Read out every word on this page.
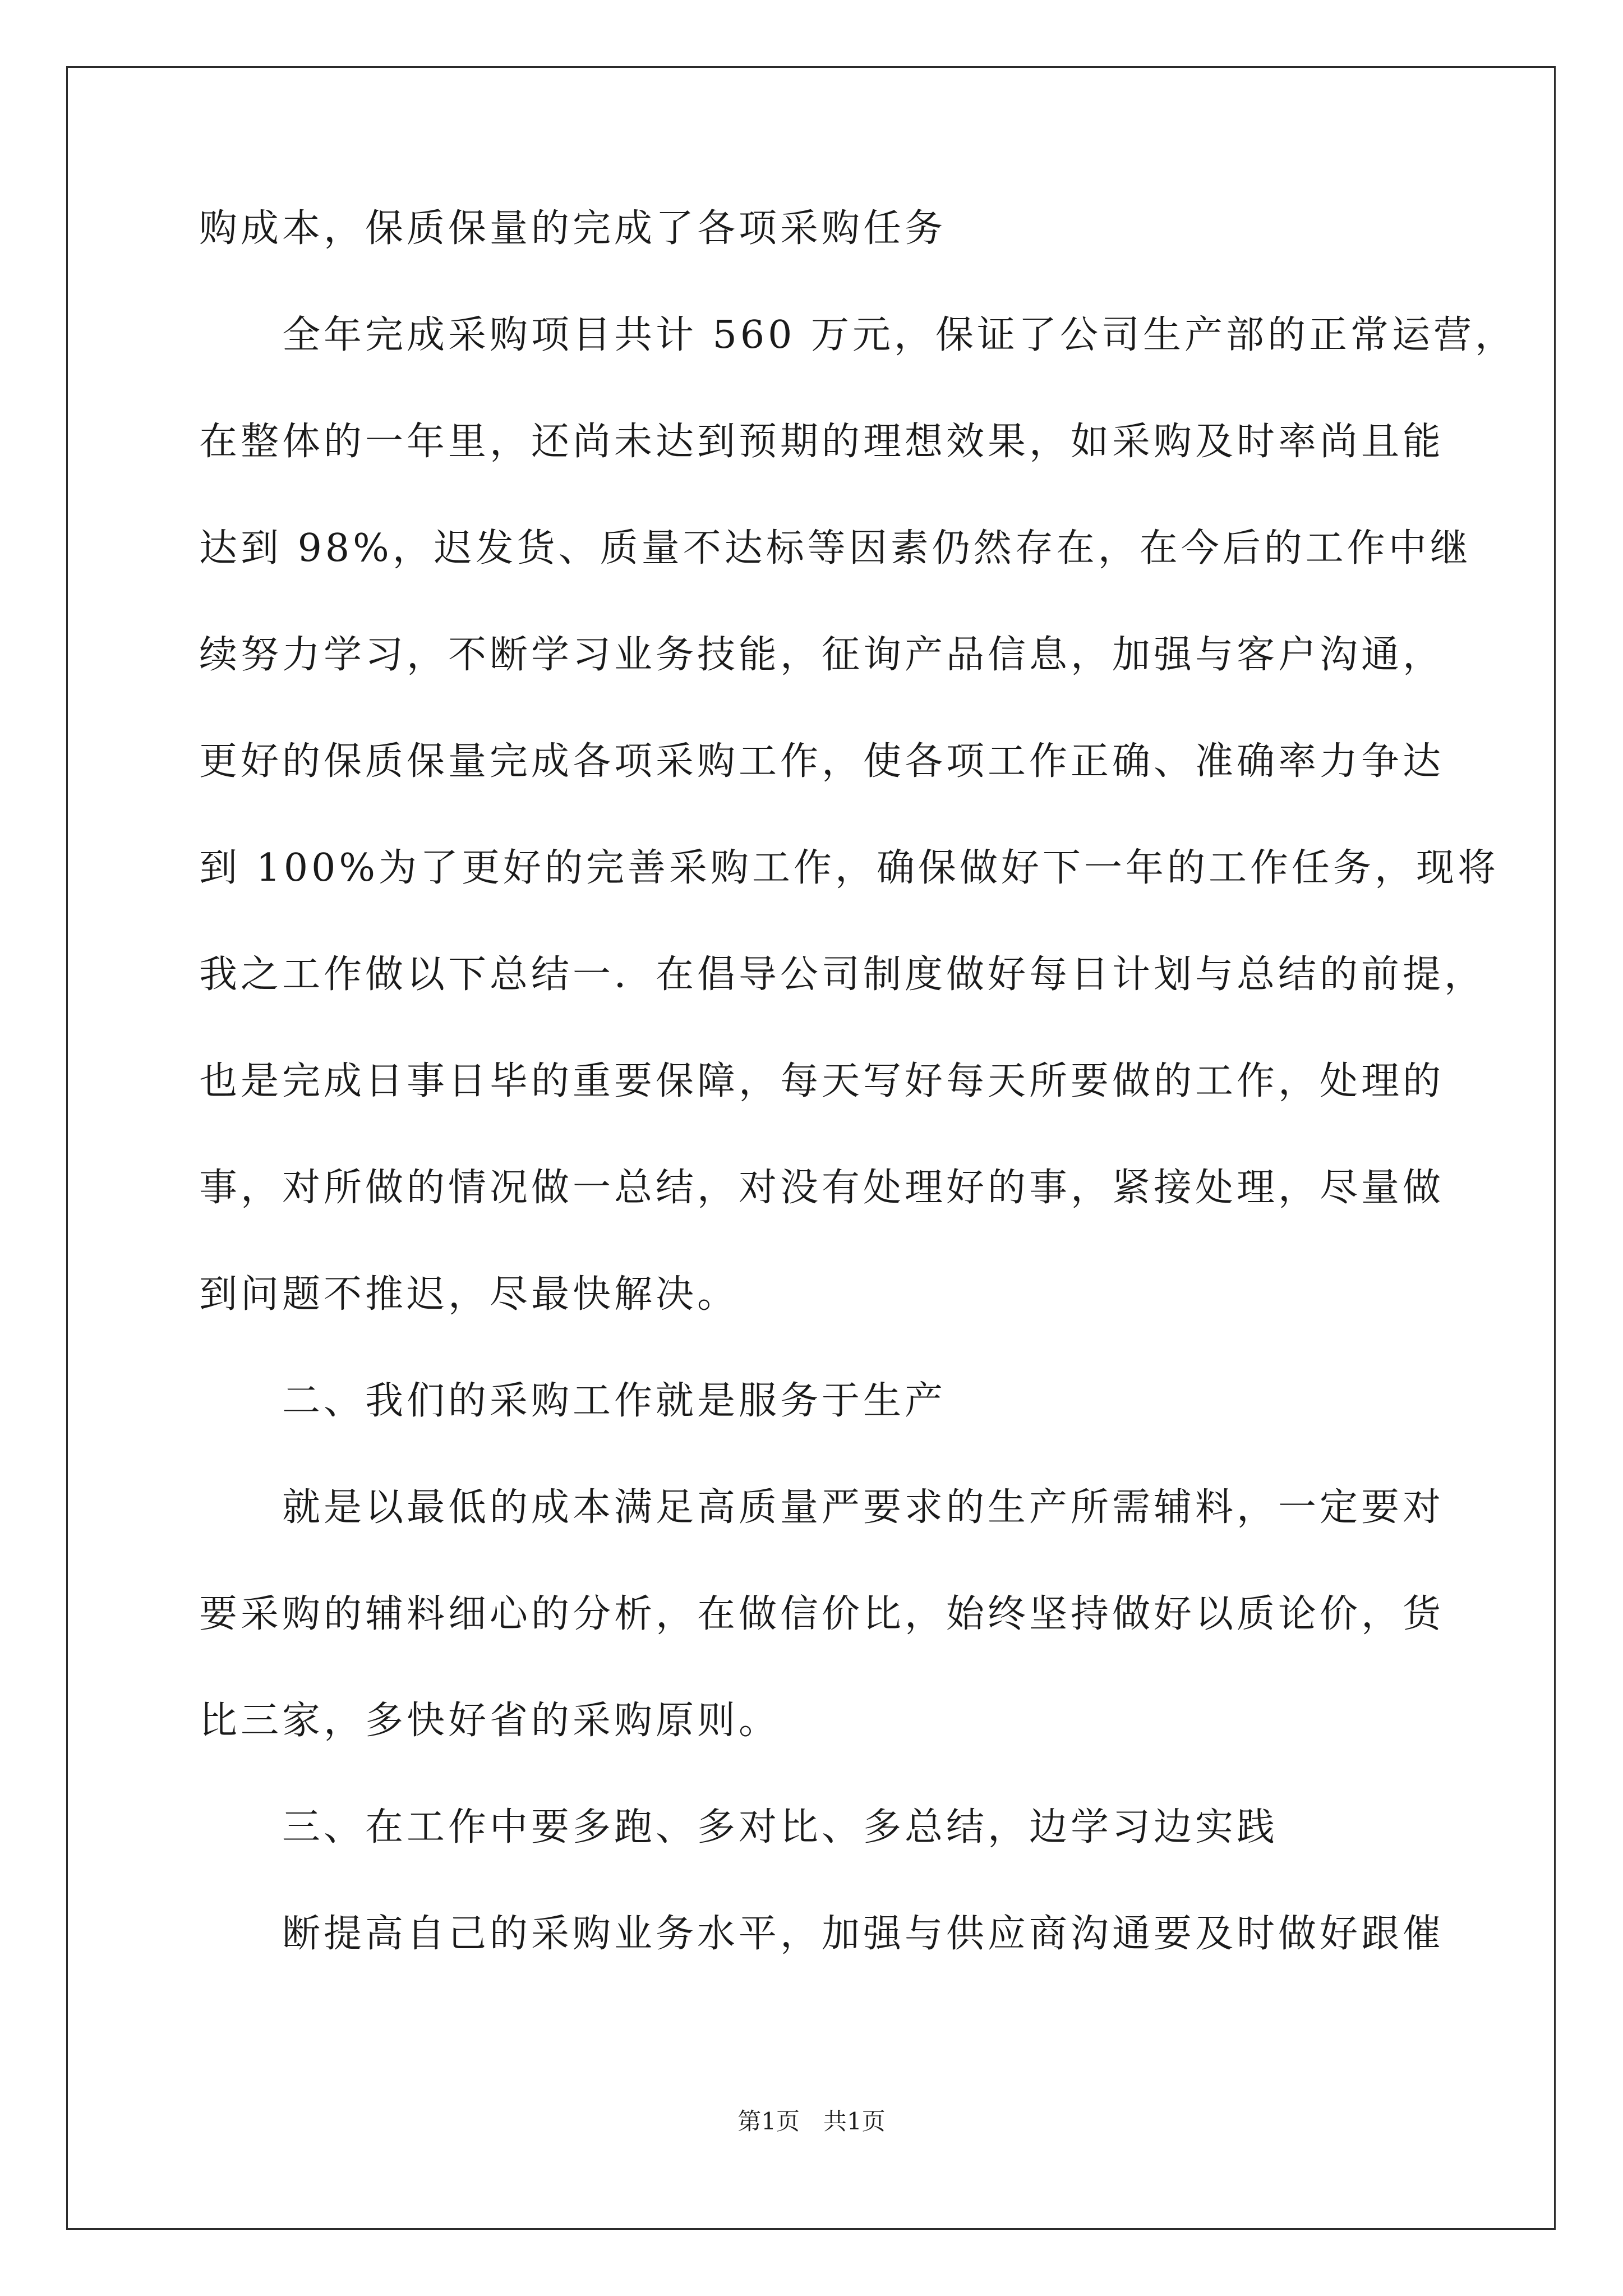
购成本，保质保量的完成了各项采购任务
　　全年完成采购项目共计 560 万元，保证了公司生产部的正常运营，
在整体的一年里，还尚未达到预期的理想效果，如采购及时率尚且能
达到 98%，迟发货、质量不达标等因素仍然存在，在今后的工作中继
续努力学习，不断学习业务技能，征询产品信息，加强与客户沟通，
更好的保质保量完成各项采购工作，使各项工作正确、准确率力争达
到 100%为了更好的完善采购工作，确保做好下一年的工作任务，现将
我之工作做以下总结一．在倡导公司制度做好每日计划与总结的前提，
也是完成日事日毕的重要保障，每天写好每天所要做的工作，处理的
事，对所做的情况做一总结，对没有处理好的事，紧接处理，尽量做
到问题不推迟，尽最快解决。
　　二、我们的采购工作就是服务于生产
　　就是以最低的成本满足高质量严要求的生产所需辅料，一定要对
要采购的辅料细心的分析，在做信价比，始终坚持做好以质论价，货
比三家，多快好省的采购原则。
　　三、在工作中要多跑、多对比、多总结，边学习边实践
　　断提高自己的采购业务水平，加强与供应商沟通要及时做好跟催
第1页　共1页
